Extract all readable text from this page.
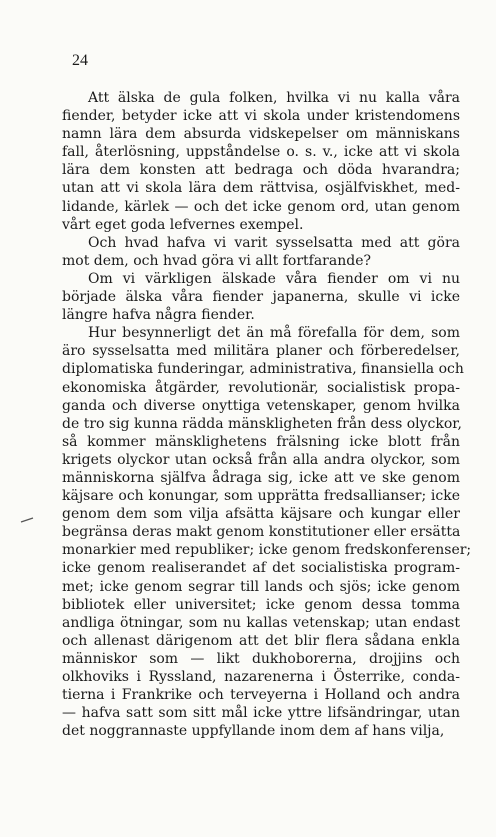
24
Att älska de gula folken, hvilka vi nu kalla våra
fiender, betyder icke att vi skola under kristendomens
namn lära dem absurda vidskepelser om människans
fall, återlösning, uppståndelse o. s. v., icke att vi skola
lära dem konsten att bedraga och döda hvarandra;
utan att vi skola lära dem rättvisa, osjälfviskhet, med-
lidande, kärlek — och det icke genom ord, utan genom
vårt eget goda lefvernes exempel.
Och hvad hafva vi varit sysselsatta med att göra
mot dem, och hvad göra vi allt fortfarande?
Om vi värkligen älskade våra fiender om vi nu
började älska våra fiender japanerna, skulle vi icke
längre hafva några fiender.
Hur besynnerligt det än må förefalla för dem, som
äro sysselsatta med militära planer och förberedelser,
diplomatiska funderingar, administrativa, finansiella och
ekonomiska åtgärder, revolutionär, socialistisk propa-
ganda och diverse onyttiga vetenskaper, genom hvilka
de tro sig kunna rädda mänskligheten från dess olyckor,
så kommer mänsklighetens frälsning icke blott från
krigets olyckor utan också från alla andra olyckor, som
människorna själfva ådraga sig, icke att ve ske genom
käjsare och konungar, som upprätta fredsallianser; icke
genom dem som vilja afsätta käjsare och kungar eller
begränsa deras makt genom konstitutioner eller ersätta
monarkier med republiker; icke genom fredskonferenser;
icke genom realiserandet af det socialistiska program-
met; icke genom segrar till lands och sjös; icke genom
bibliotek eller universitet; icke genom dessa tomma
andliga ötningar, som nu kallas vetenskap; utan endast
och allenast därigenom att det blir flera sådana enkla
människor som — likt dukhoborerna, drojjins och
olkhoviks i Ryssland, nazarenerna i Österrike, conda-
tierna i Frankrike och terveyerna i Holland och andra
— hafva satt som sitt mål icke yttre lifsändringar, utan
det noggrannaste uppfyllande inom dem af hans vilja,
